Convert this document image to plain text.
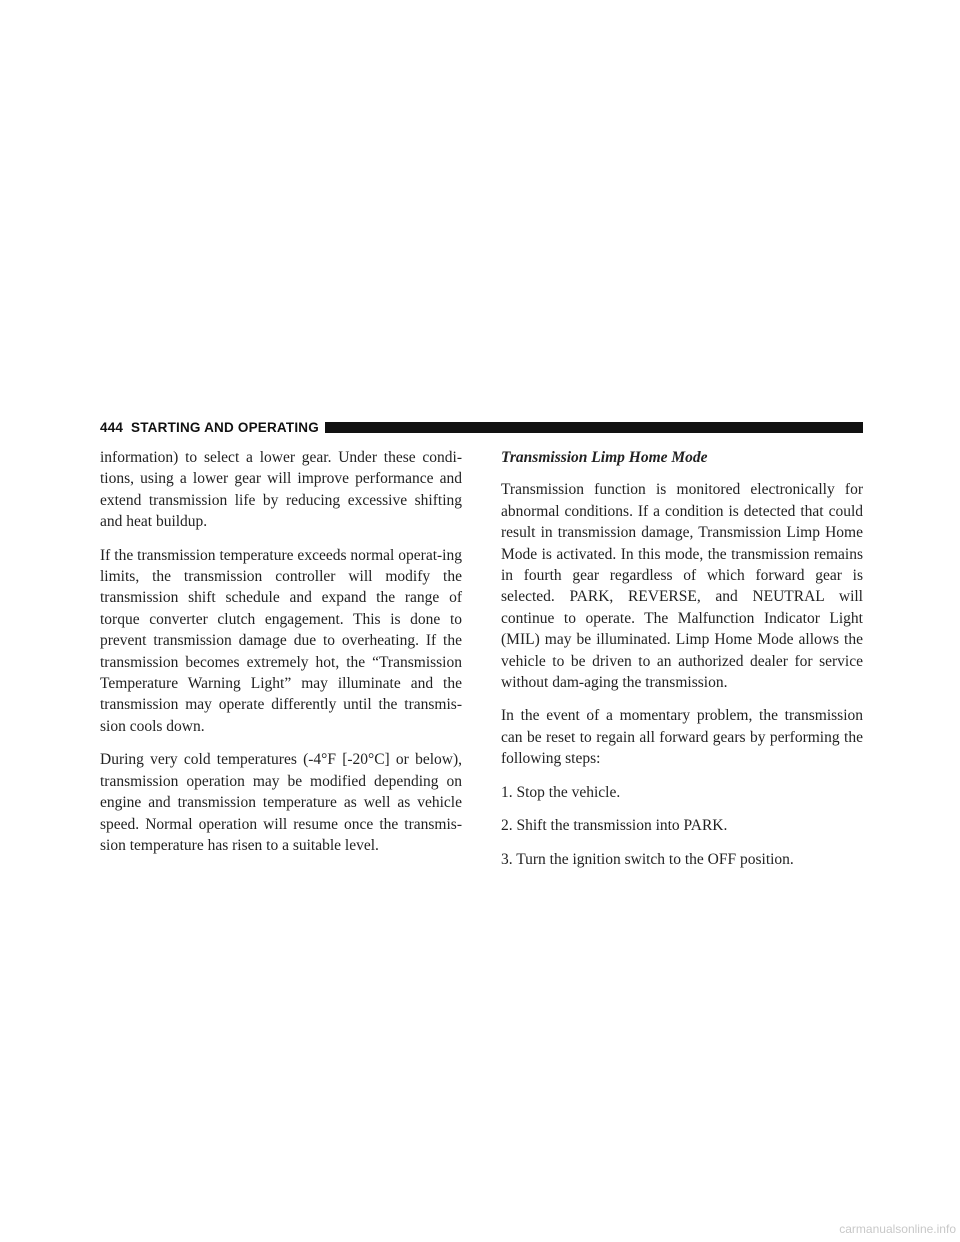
444 STARTING AND OPERATING

information) to select a lower gear. Under these condi-tions, using a lower gear will improve performance and extend transmission life by reducing excessive shifting and heat buildup.

If the transmission temperature exceeds normal operat-ing limits, the transmission controller will modify the transmission shift schedule and expand the range of torque converter clutch engagement. This is done to prevent transmission damage due to overheating. If the transmission becomes extremely hot, the “Transmission Temperature Warning Light” may illuminate and the transmission may operate differently until the transmis-sion cools down.

During very cold temperatures (-4°F [-20°C] or below), transmission operation may be modified depending on engine and transmission temperature as well as vehicle speed. Normal operation will resume once the transmis-sion temperature has risen to a suitable level.

Transmission Limp Home Mode

Transmission function is monitored electronically for abnormal conditions. If a condition is detected that could result in transmission damage, Transmission Limp Home Mode is activated. In this mode, the transmission remains in fourth gear regardless of which forward gear is selected. PARK, REVERSE, and NEUTRAL will continue to operate. The Malfunction Indicator Light (MIL) may be illuminated. Limp Home Mode allows the vehicle to be driven to an authorized dealer for service without dam-aging the transmission.

In the event of a momentary problem, the transmission can be reset to regain all forward gears by performing the following steps:

1. Stop the vehicle.

2. Shift the transmission into PARK.

3. Turn the ignition switch to the OFF position.

carmanualsonline.info
